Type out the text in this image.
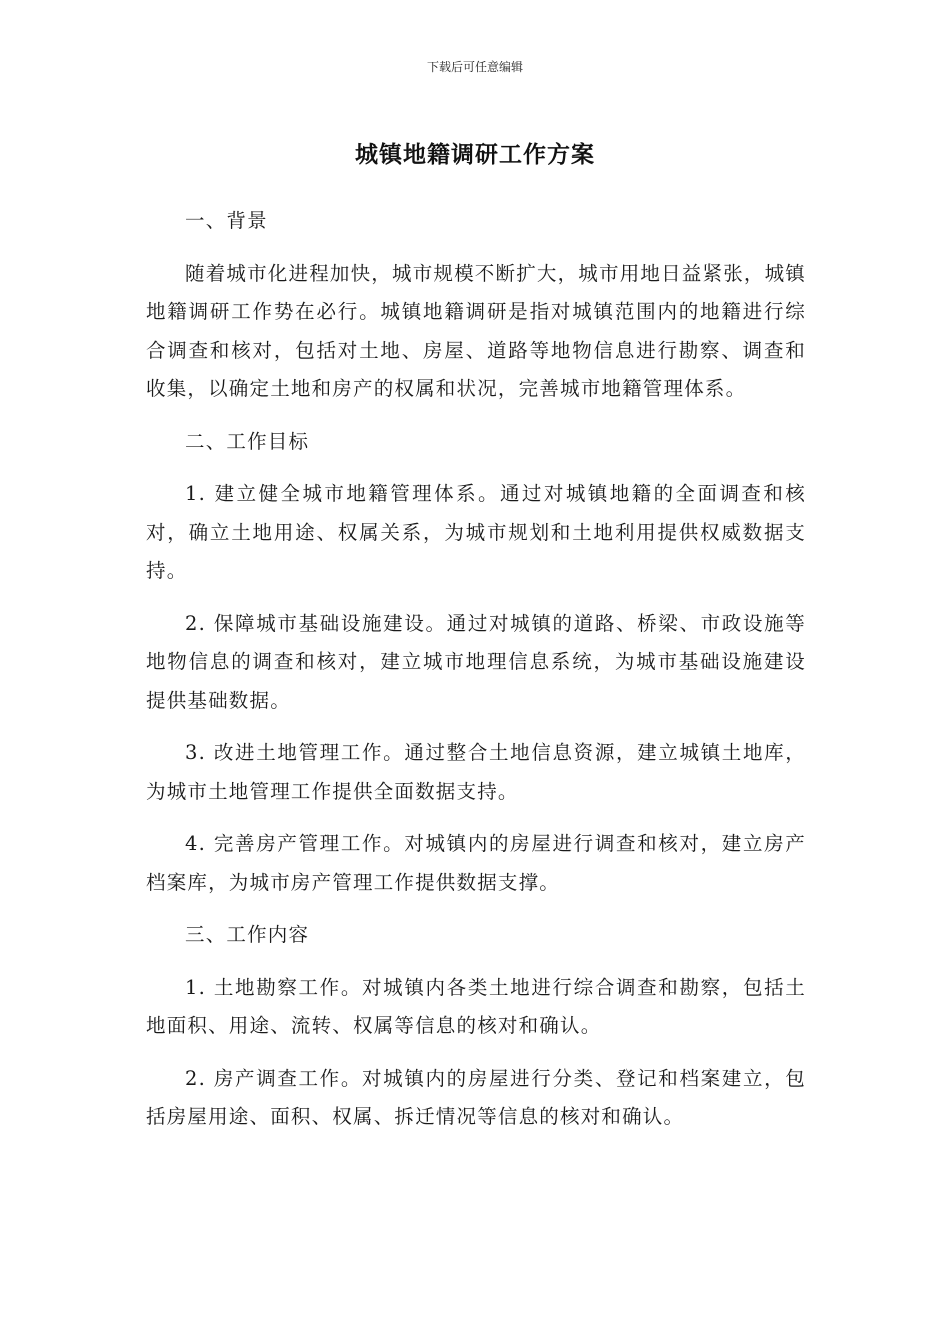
下载后可任意编辑
城镇地籍调研工作方案

一、背景

随着城市化进程加快，城市规模不断扩大，城市用地日益紧张，城镇地籍调研工作势在必行。城镇地籍调研是指对城镇范围内的地籍进行综合调查和核对，包括对土地、房屋、道路等地物信息进行勘察、调查和收集，以确定土地和房产的权属和状况，完善城市地籍管理体系。

二、工作目标

1. 建立健全城市地籍管理体系。通过对城镇地籍的全面调查和核对，确立土地用途、权属关系，为城市规划和土地利用提供权威数据支持。

2. 保障城市基础设施建设。通过对城镇的道路、桥梁、市政设施等地物信息的调查和核对，建立城市地理信息系统，为城市基础设施建设提供基础数据。

3. 改进土地管理工作。通过整合土地信息资源，建立城镇土地库，为城市土地管理工作提供全面数据支持。

4. 完善房产管理工作。对城镇内的房屋进行调查和核对，建立房产档案库，为城市房产管理工作提供数据支撑。

三、工作内容

1. 土地勘察工作。对城镇内各类土地进行综合调查和勘察，包括土地面积、用途、流转、权属等信息的核对和确认。

2. 房产调查工作。对城镇内的房屋进行分类、登记和档案建立，包括房屋用途、面积、权属、拆迁情况等信息的核对和确认。
